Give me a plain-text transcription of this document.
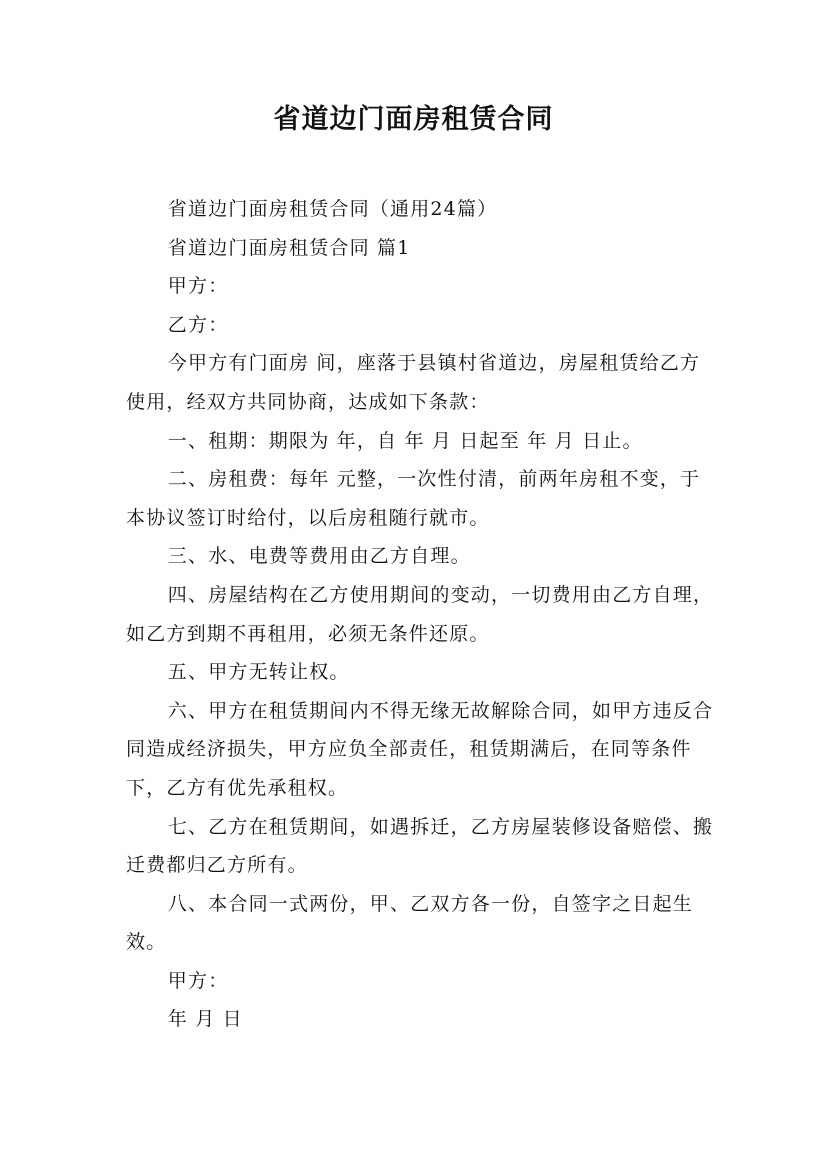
省道边门面房租赁合同

省道边门面房租赁合同（通用24篇）

省道边门面房租赁合同 篇1

甲方：

乙方：

今甲方有门面房 间，座落于县镇村省道边，房屋租赁给乙方使用，经双方共同协商，达成如下条款：

一、租期：期限为 年，自 年 月 日起至 年 月 日止。

二、房租费：每年 元整，一次性付清，前两年房租不变，于本协议签订时给付，以后房租随行就市。

三、水、电费等费用由乙方自理。

四、房屋结构在乙方使用期间的变动，一切费用由乙方自理，如乙方到期不再租用，必须无条件还原。

五、甲方无转让权。

六、甲方在租赁期间内不得无缘无故解除合同，如甲方违反合同造成经济损失，甲方应负全部责任，租赁期满后，在同等条件下，乙方有优先承租权。

七、乙方在租赁期间，如遇拆迁，乙方房屋装修设备赔偿、搬迁费都归乙方所有。

八、本合同一式两份，甲、乙双方各一份，自签字之日起生效。

甲方：

年 月 日
